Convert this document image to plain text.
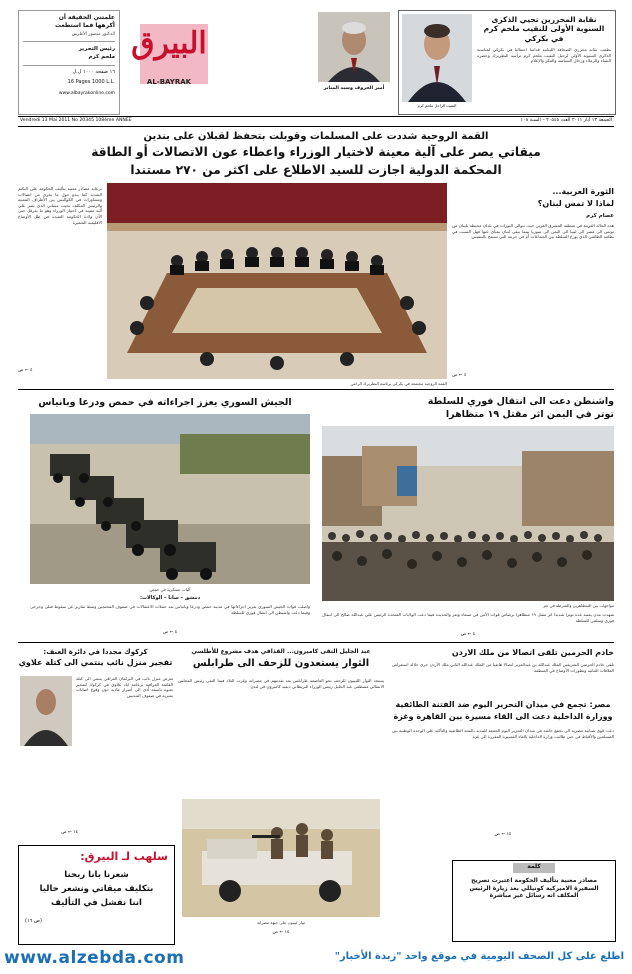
علمتني الحقيقة أن
أكرهها فما استطعت
الدكتور منصور الأطرش
رئيس التحرير
ملحم كرم
١٦ صفحة ١٠٠٠ ل.ل
16 Pages 1000 L.L.
www.albayrakonline.com
البيرق
AL-BAYRAK
أمير الحروف وسيد المنابر
النقيب الراحل ملحم كرم
نقابة المحررين تحيي الذكرى السنوية الأولى للنقيب ملحم كرم في بكركي
نظمت نقابة محرري الصحافة اللبنانية قداسا احتفاليا في بكركي لمناسبة الذكرى السنوية الأولى لرحيل النقيب ملحم كرم ترأسه البطريرك وحضره النقباء والزملاء ورجال السياسة والفكر والإعلام
الجمعة ١٣ أيار ٢٠١١ العدد ٢٠٥٤٥ – السنة ١٠٨
Vendredi 13 Mai 2011 No 20345 108ème ANNEE
القمة الروحية شددت على المسلمات وقوبلت بتحفظ لقبلان على بندين
ميقاتي يصر على آلية معينة لاختيار الوزراء واعطاء عون الاتصالات أو الطاقة
المحكمة الدولية اجازت للسيد الاطلاع على اكثر من ٢٧٠ مستندا
القمة الروحية مجتمعة في بكركي برئاسة البطريرك الراعي
برعاية مصادر معنية بتأليف الحكومة على التكتم الشديد كما يبدو حول ما يجري من اتصالات ومشاورات في الكواليس بين الأطراف المعنية والرئيس المكلف نجيب ميقاتي الذي يصر على آلية معينة في اختيار الوزراء وهو ما يعرقل حتى الآن ولادة الحكومة العتيدة في ظل الأوضاع الاقليمية المتغيرة
٤ ← ص
الثورة العربية...
لماذا لا تمس لبنان؟
عصام كرم
هذه الحالة الغريبة في منطقة المشرق العربي حيث تتوالى الثورات في بلدان محيطة بلبنان من تونس الى مصر الى ليبيا الى اليمن الى سوريا بينما يبقى لبنان بمنأى عنها فهل السبب في نظامه الطائفي الذي يوزع السلطة بين الجماعات أم في حريته التي تسمح بالتنفيس
٤ ← ص
الجيش السوري يعزز اجراءاته في حمص ودرعا وبانياس
آليات عسكرية في حمص
دمشق – سانا – الوكالات:
واصلت قوات الجيش السوري تعزيز اجراءاتها في مدينة حمص ودرعا وبانياس بعد حملات الاعتقالات في صفوف المحتجين وسط تقارير عن سقوط قتلى وجرحى وفيما دعت واشنطن الى انتقال فوري للسلطة
٤ ← ص
واشنطن دعت الى انتقال فوري للسلطة
توتر في اليمن اثر مقتل ١٩ متظاهرا
مواجهات بين المتظاهرين والشرطة في تعز
شهدت مدن يمنية عدة توترا شديدا اثر مقتل ١٩ متظاهرا برصاص قوات الأمن في صنعاء وتعز والحديدة فيما دعت الولايات المتحدة الرئيس علي عبدالله صالح الى انتقال فوري وسلمي للسلطة
٤ ← ص
كركوك مجددا في دائرة العنف:
تفجير منزل نائب ينتمي الى كتلة علاوي
تعرض منزل نائب في البرلمان العراقي ينتمي الى كتلة القائمة العراقية بزعامة اياد علاوي في كركوك لتفجير بعبوة ناسفة أدى الى أضرار مادية دون وقوع اصابات بشرية في صفوف المدنيين
١٤ ← ص
عبد الجليل التقى كاميرون... القذافي هدف مشروع للأطلسي
الثوار يستعدون للزحف الى طرابلس
يستعد الثوار الليبيون للزحف نحو العاصمة طرابلس بعد تقدمهم في مصراتة وغرب البلاد فيما التقى رئيس المجلس الانتقالي مصطفى عبد الجليل رئيس الوزراء البريطاني ديفيد كاميرون في لندن
ثوار ليبيون على جبهة مصراتة
١٤ ← ص
خادم الحرمين تلقى اتصالا من ملك الاردن
تلقى خادم الحرمين الشريفين الملك عبدالله بن عبدالعزيز اتصالا هاتفيا من الملك عبدالله الثاني ملك الأردن جرى خلاله استعراض العلاقات الثنائية وتطورات الأوضاع في المنطقة
مصر: تجمع في ميدان التحرير اليوم ضد الفتنة الطائفية
ووزارة الداخلية دعت الى القاء مسيرة بين القاهرة وغزة
دعت قوى شبابية مصرية الى تجمع حاشد في ميدان التحرير اليوم الجمعة للتنديد بالفتنة الطائفية والتأكيد على الوحدة الوطنية بين المسلمين والأقباط في حين طالبت وزارة الداخلية بالغاء المسيرة المقررة الى غزة
١٤ ← ص
سلهب لـ البيرق:
شعرنا بانا ربحنا
بتكليف ميقاتي ونشعر حاليا
اننا نفشل في التأليف
(ص ١٦)
كلمة
مصادر معنية بتأليف الحكومة اعتبرت تصريح السفيرة الاميركية كونيللي بعد زيارة الرئيس المكلف انه رسائل غير مباشرة
www.alzebda.com	اطلع على كل الصحف اليومية في موقع واحد "زبدة الأخبار"
